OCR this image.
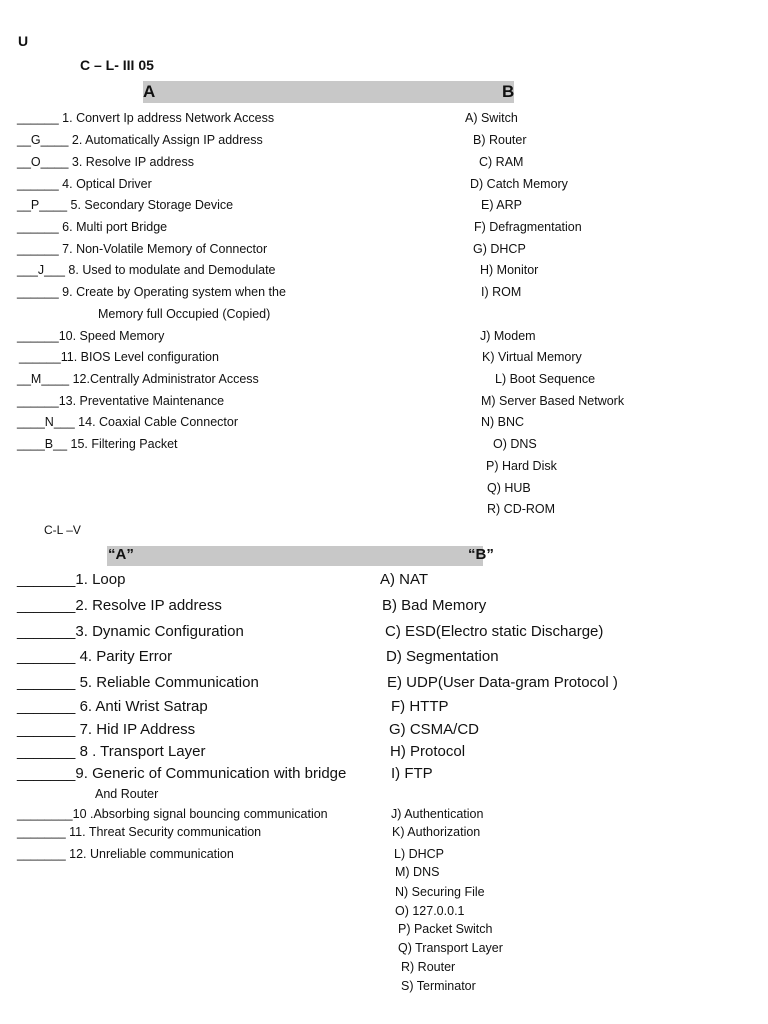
U
C – L- III 05
A	B
______ 1. Convert Ip address Network Access
__G____ 2. Automatically Assign IP address
__O____ 3. Resolve IP address
______ 4. Optical Driver
__P____ 5. Secondary Storage Device
______ 6. Multi port Bridge
______ 7. Non-Volatile Memory of Connector
___J___ 8. Used to modulate and Demodulate
______ 9. Create by Operating system when the
Memory full Occupied (Copied)
______10. Speed Memory
______11. BIOS Level configuration
__M____ 12.Centrally Administrator Access
______13. Preventative Maintenance
____N___ 14. Coaxial Cable Connector
____B__ 15. Filtering Packet
A) Switch
B) Router
C) RAM
D) Catch Memory
E) ARP
F) Defragmentation
G) DHCP
H) Monitor
I) ROM
J) Modem
K) Virtual Memory
L) Boot Sequence
M) Server Based Network
N) BNC
O) DNS
P) Hard Disk
Q) HUB
R) CD-ROM
C-L –V
“A”	“B”
_______1. Loop
_______2. Resolve IP address
_______3. Dynamic Configuration
_______ 4. Parity Error
_______ 5. Reliable Communication
_______ 6. Anti Wrist Satrap
_______ 7. Hid IP Address
_______ 8 . Transport Layer
_______9. Generic of Communication with bridge
And Router
________10 .Absorbing signal bouncing communication
_______ 11. Threat Security communication
_______ 12. Unreliable communication
A) NAT
B) Bad Memory
C) ESD(Electro static Discharge)
D) Segmentation
E) UDP(User Data-gram Protocol )
F) HTTP
G) CSMA/CD
H) Protocol
I) FTP
J) Authentication
K) Authorization
L) DHCP
M) DNS
N) Securing File
O) 127.0.0.1
P) Packet Switch
Q) Transport Layer
R) Router
S) Terminator
